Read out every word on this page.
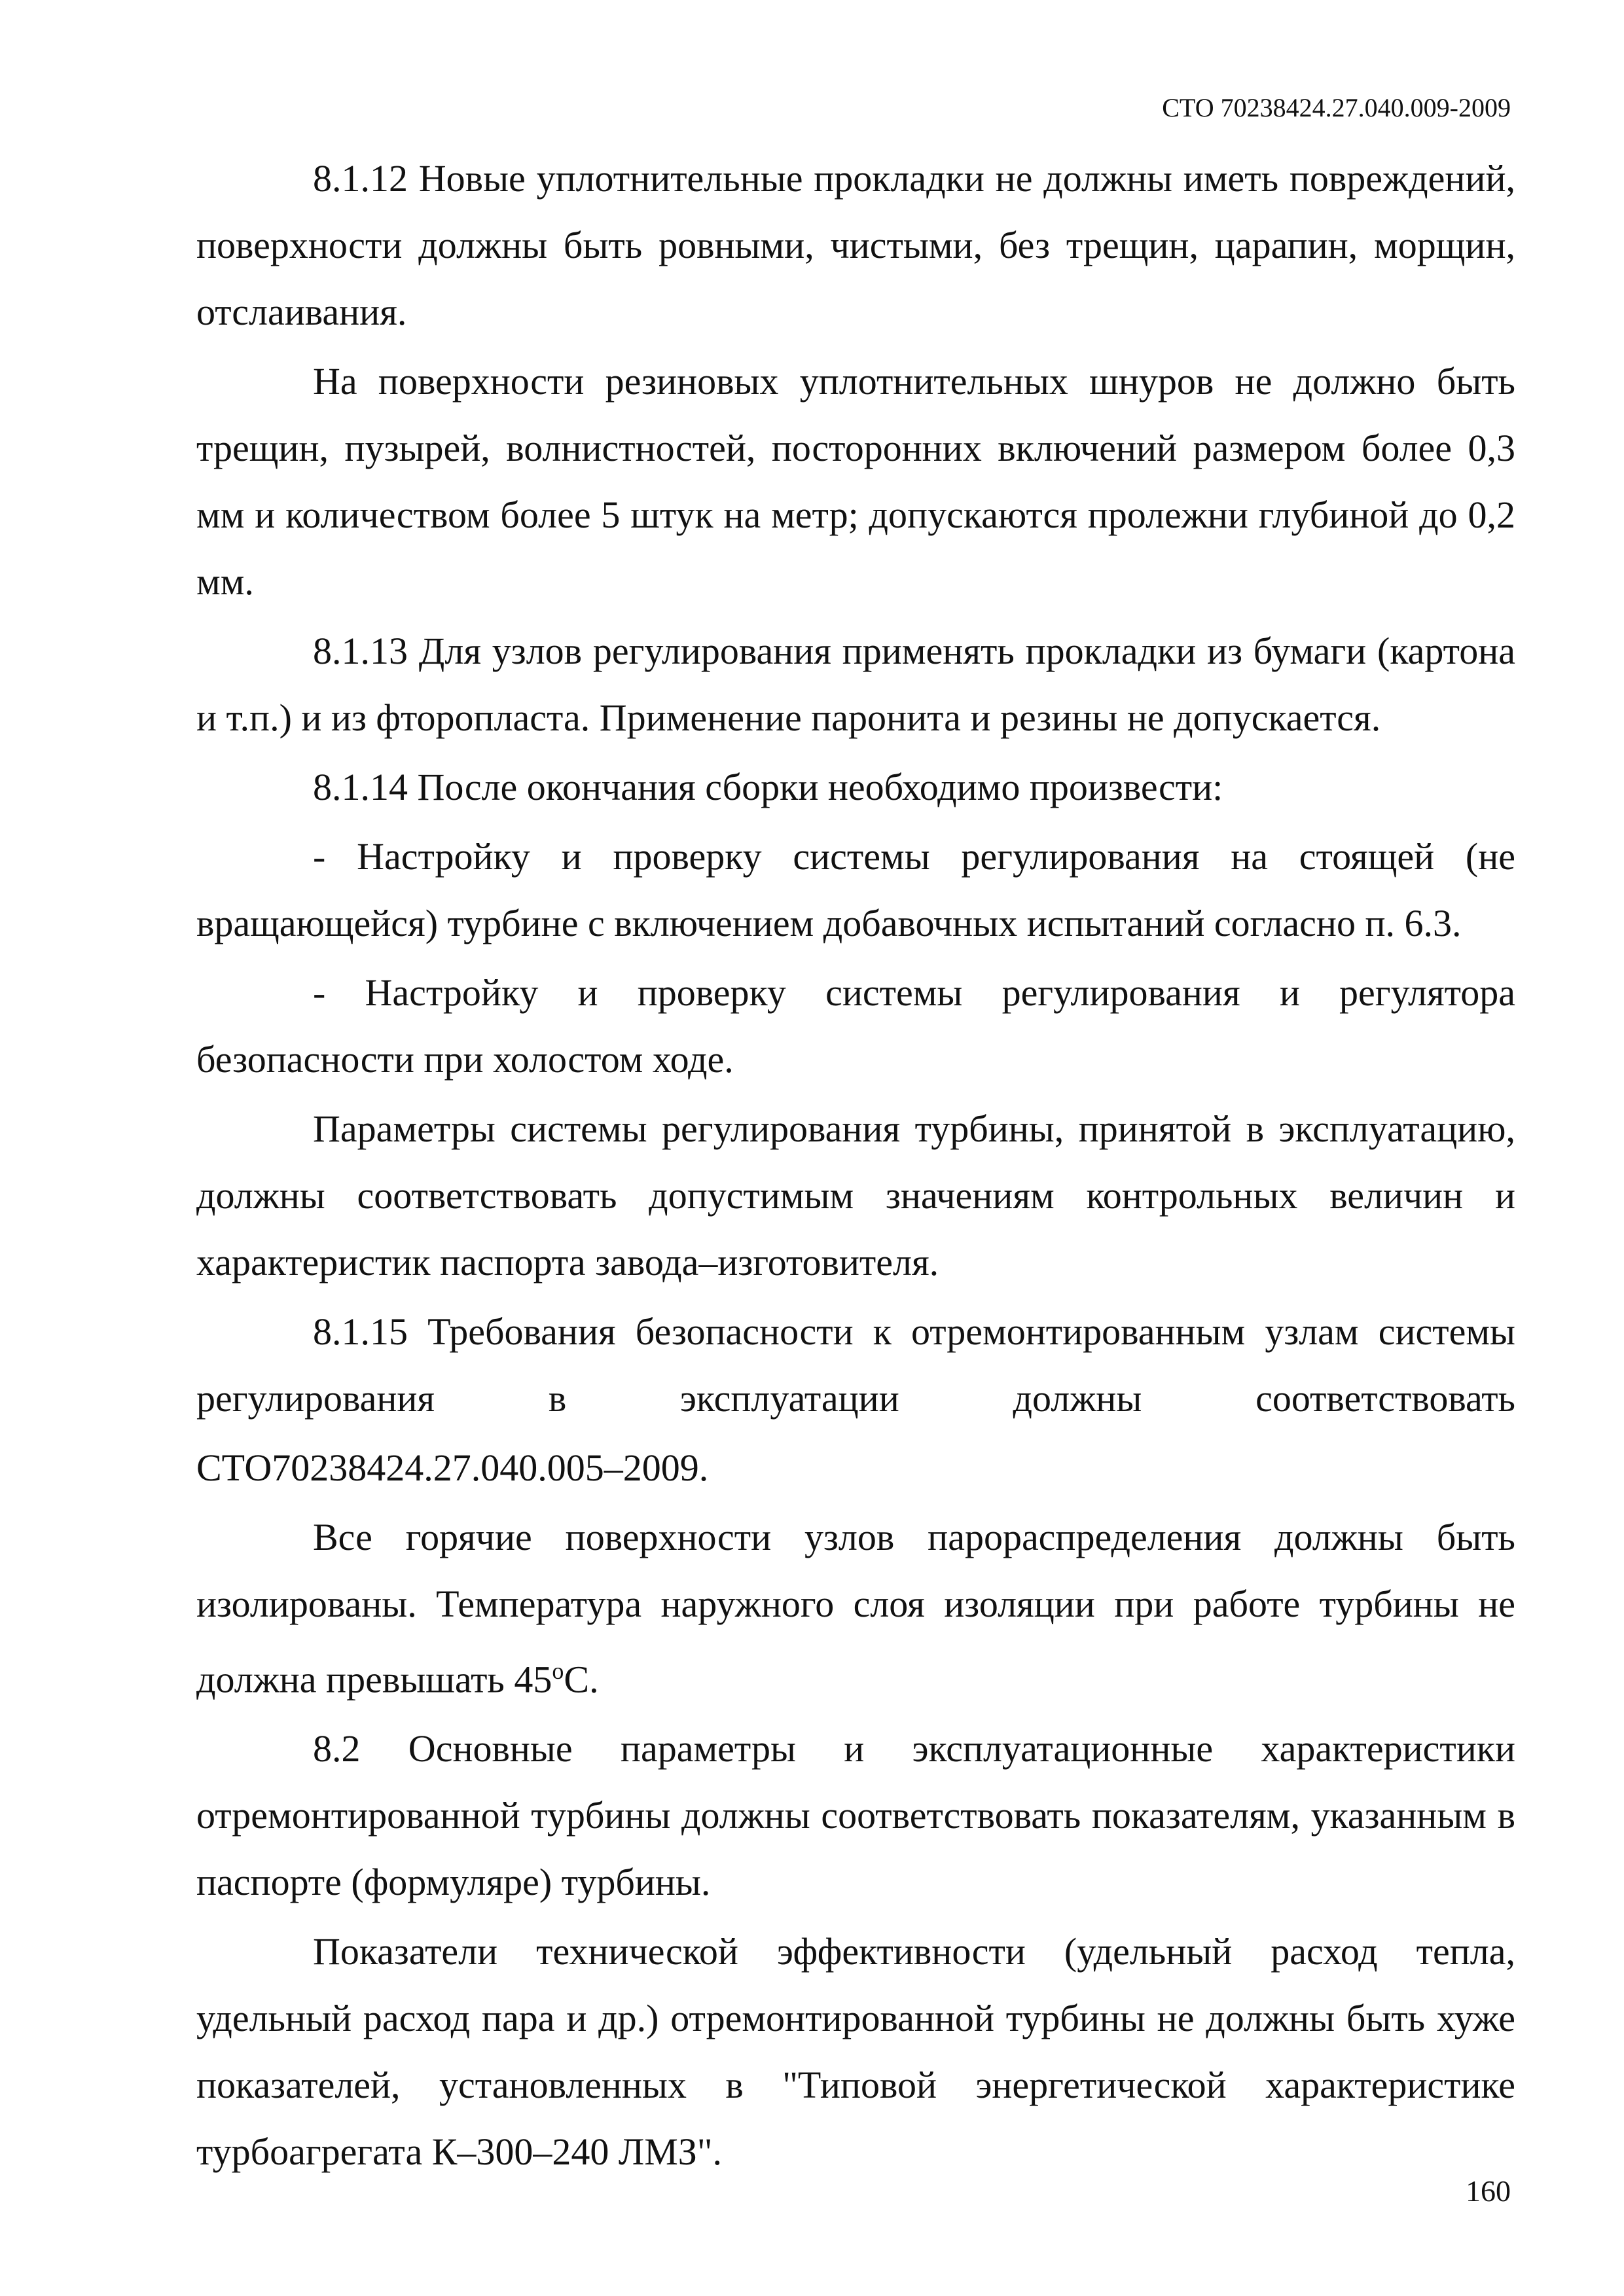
СТО 70238424.27.040.009-2009

8.1.12 Новые уплотнительные прокладки не должны иметь повреждений, поверхности должны быть ровными, чистыми, без трещин, царапин, морщин, отслаивания.

На поверхности резиновых уплотнительных шнуров не должно быть трещин, пузырей, волнистностей, посторонних включений размером более 0,3 мм и количеством более 5 штук на метр; допускаются пролежни глубиной до 0,2 мм.

8.1.13 Для узлов регулирования применять прокладки из бумаги (картона и т.п.) и из фторопласта. Применение паронита и резины не допускается.

8.1.14 После окончания сборки необходимо произвести:

- Настройку и проверку системы регулирования на стоящей (не вращающейся) турбине с включением добавочных испытаний согласно п. 6.3.

- Настройку и проверку системы регулирования и регулятора безопасности при холостом ходе.

Параметры системы регулирования турбины, принятой в эксплуатацию, должны соответствовать допустимым значениям контрольных величин и характеристик паспорта завода–изготовителя.

8.1.15 Требования безопасности к отремонтированным узлам системы регулирования в эксплуатации должны соответствовать

СТО70238424.27.040.005–2009.

Все горячие поверхности узлов парораспределения должны быть изолированы. Температура наружного слоя изоляции при работе турбины не должна превышать 45$^o$С.

8.2 Основные параметры и эксплуатационные характеристики отремонтированной турбины должны соответствовать показателям, указанным в паспорте (формуляре) турбины.

Показатели технической эффективности (удельный расход тепла, удельный расход пара и др.) отремонтированной турбины не должны быть хуже показателей, установленных в "Типовой энергетической характеристике турбоагрегата К–300–240 ЛМЗ".

160
